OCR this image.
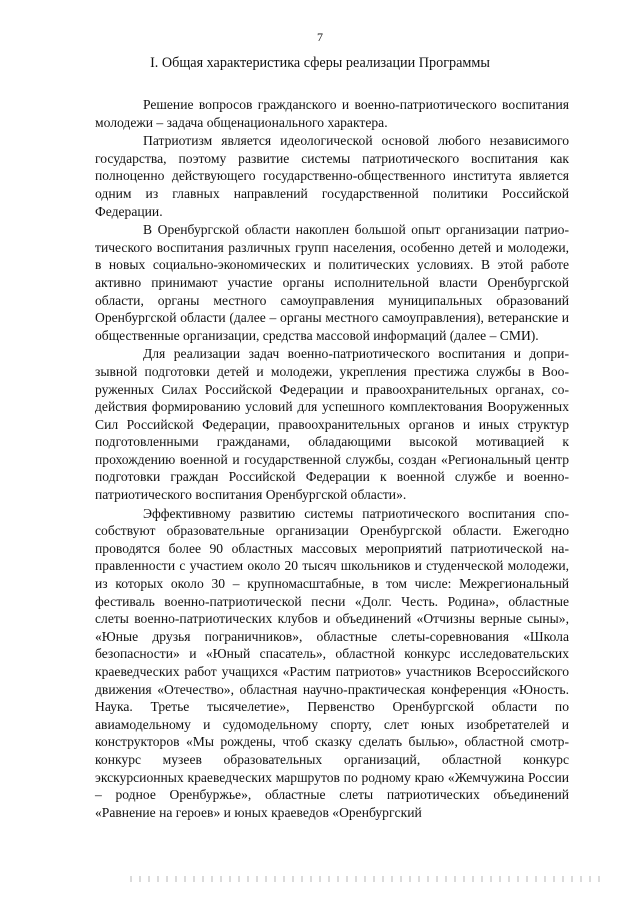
7
I. Общая характеристика сферы реализации Программы

Решение вопросов гражданского и военно-патриотического воспитания молодежи – задача общенационального характера.

Патриотизм является идеологической основой любого независимого государства, поэтому развитие системы патриотического воспитания как полноценно действующего государственно-общественного института является одним из главных направлений государственной политики Российской Федерации.

В Оренбургской области накоплен большой опыт организации патриотического воспитания различных групп населения, особенно детей и молодежи, в новых социально-экономических и политических условиях. В этой работе активно принимают участие органы исполнительной власти Оренбургской области, органы местного самоуправления муниципальных образований Оренбургской области (далее – органы местного самоуправления), ветеранские и общественные организации, средства массовой информаций (далее – СМИ).

Для реализации задач военно-патриотического воспитания и допризывной подготовки детей и молодежи, укрепления престижа службы в Вооруженных Силах Российской Федерации и правоохранительных органах, содействия формированию условий для успешного комплектования Вооруженных Сил Российской Федерации, правоохранительных органов и иных структур подготовленными гражданами, обладающими высокой мотивацией к прохождению военной и государственной службы, создан «Региональный центр подготовки граждан Российской Федерации к военной службе и военно-патриотического воспитания Оренбургской области».

Эффективному развитию системы патриотического воспитания способствуют образовательные организации Оренбургской области. Ежегодно проводятся более 90 областных массовых мероприятий патриотической направленности с участием около 20 тысяч школьников и студенческой молодежи, из которых около 30 – крупномасштабные, в том числе: Межрегиональный фестиваль военно-патриотической песни «Долг. Честь. Родина», областные слеты военно-патриотических клубов и объединений «Отчизны верные сыны», «Юные друзья пограничников», областные слеты-соревнования «Школа безопасности» и «Юный спасатель», областной конкурс исследовательских краеведческих работ учащихся «Растим патриотов» участников Всероссийского движения «Отечество», областная научно-практическая конференция «Юность. Наука. Третье тысячелетие», Первенство Оренбургской области по авиамодельному и судомодельному спорту, слет юных изобретателей и конструкторов «Мы рождены, чтоб сказку сделать былью», областной смотр-конкурс музеев образовательных организаций, областной конкурс экскурсионных краеведческих маршрутов по родному краю «Жемчужина России – родное Оренбуржье», областные слеты патриотических объединений «Равнение на героев» и юных краеведов «Оренбургский
